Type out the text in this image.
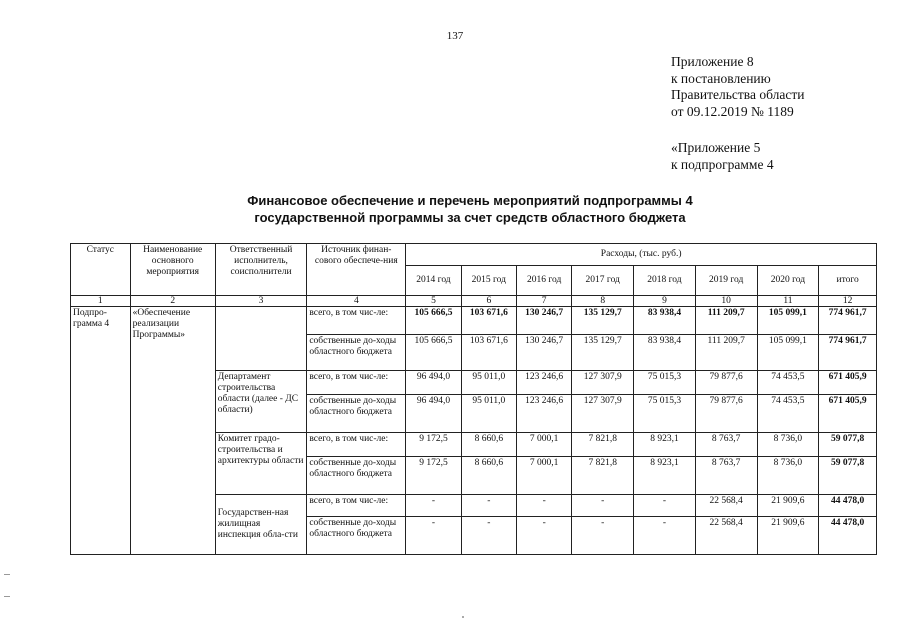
137
Приложение 8
к постановлению
Правительства области
от 09.12.2019 № 1189
«Приложение 5
к подпрограмме 4
Финансовое обеспечение и перечень мероприятий подпрограммы 4
государственной программы за счет средств областного бюджета
Статус	Наименование основного мероприятия	Ответственный исполнитель, соисполнители	Источник финан-сового обеспече-ния	Расходы, (тыс. руб.)							
				2014 год	2015 год	2016 год	2017 год	2018 год	2019 год	2020 год	итого
1	2	3	4	5	6	7	8	9	10	11	12
Подпро-грамма 4	«Обеспечение реализации Программы»		всего, в том чис-ле:	105 666,5	103 671,6	130 246,7	135 129,7	83 938,4	111 209,7	105 099,1	774 961,7
			собственные до-ходы областного бюджета	105 666,5	103 671,6	130 246,7	135 129,7	83 938,4	111 209,7	105 099,1	774 961,7
		Департамент строительства области (далее - ДС области)	всего, в том чис-ле:	96 494,0	95 011,0	123 246,6	127 307,9	75 015,3	79 877,6	74 453,5	671 405,9
			собственные до-ходы областного бюджета	96 494,0	95 011,0	123 246,6	127 307,9	75 015,3	79 877,6	74 453,5	671 405,9
		Комитет градо-строительства и архитектуры области	всего, в том чис-ле:	9 172,5	8 660,6	7 000,1	7 821,8	8 923,1	8 763,7	8 736,0	59 077,8
			собственные до-ходы областного бюджета	9 172,5	8 660,6	7 000,1	7 821,8	8 923,1	8 763,7	8 736,0	59 077,8
		Государствен-ная жилищная инспекция обла-сти	всего, в том чис-ле:	-	-	-	-	-	22 568,4	21 909,6	44 478,0
			собственные до-ходы областного бюджета	-	-	-	-	-	22 568,4	21 909,6	44 478,0
